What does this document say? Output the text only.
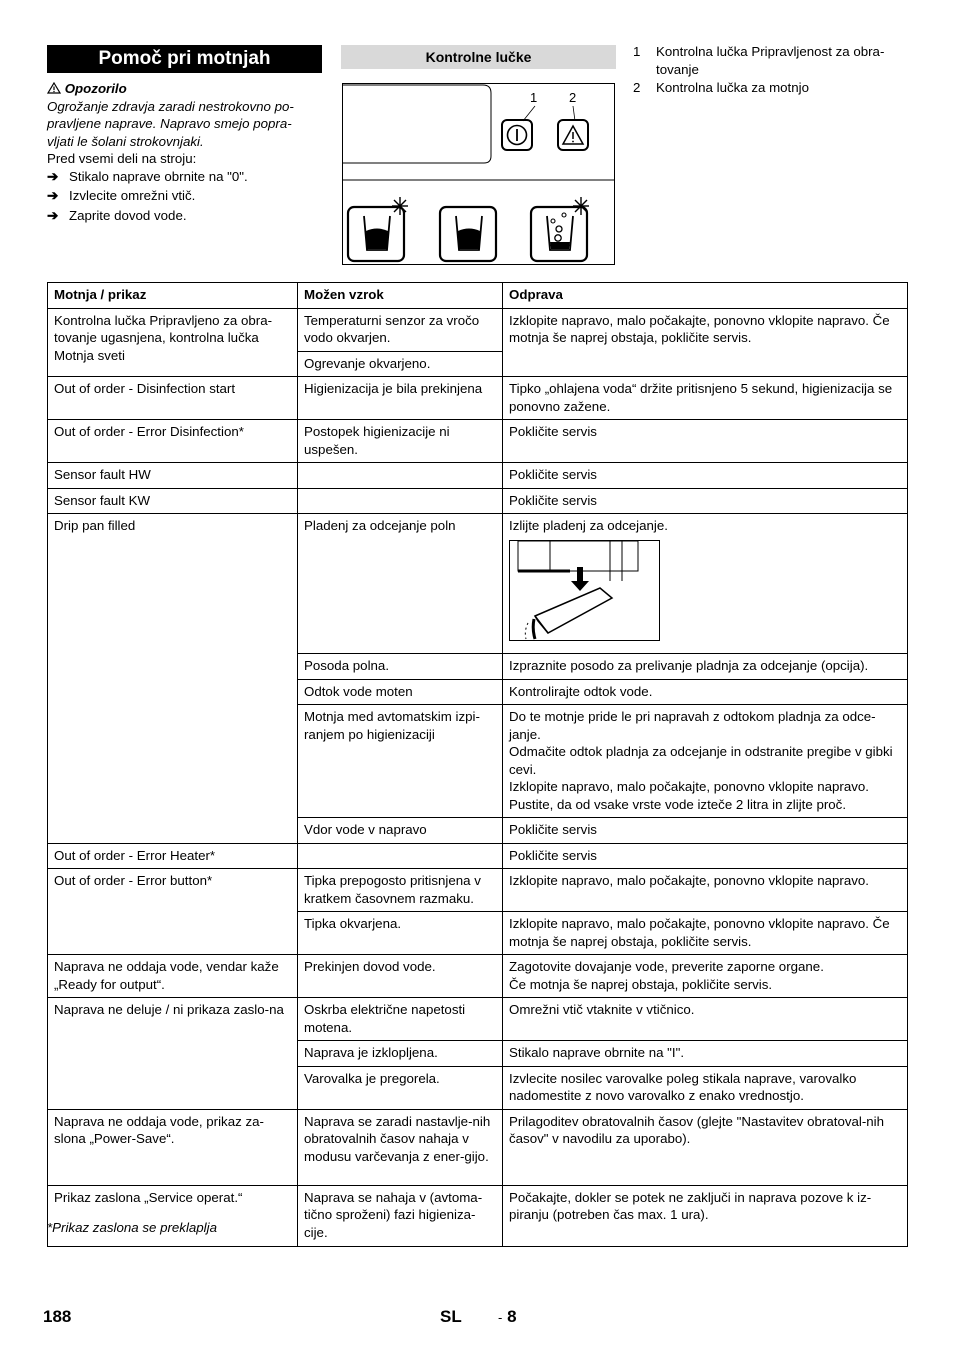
Pomoč pri motnjah
Opozorilo
Ogrožanje zdravja zaradi nestrokovno po-
pravljene naprave. Napravo smejo popra-
vljati le šolani strokovnjaki.
Pred vsemi deli na stroju:
➔ Stikalo naprave obrnite na "0".
➔ Izvlecite omrežni vtič.
➔ Zaprite dovod vode.
Kontrolne lučke
1 2
1	Kontrolna lučka Pripravljenost za obra-
tovanje
2	Kontrolna lučka za motnjo
Motnja / prikaz	Možen vzrok	Odprava
Kontrolna lučka Pripravljeno za obra-tovanje ugasnjena, kontrolna lučka Motnja sveti	Temperaturni senzor za vročo vodo okvarjen.	Izklopite napravo, malo počakajte, ponovno vklopite napravo. Če motnja še naprej obstaja, pokličite servis.
	Ogrevanje okvarjeno.	
Out of order - Disinfection start	Higienizacija je bila prekinjena	Tipko „ohlajena voda“ držite pritisnjeno 5 sekund, higienizacija se ponovno zažene.
Out of order - Error Disinfection*	Postopek higienizacije ni uspešen.	Pokličite servis
Sensor fault HW		Pokličite servis
Sensor fault KW		Pokličite servis
Drip pan filled	Pladenj za odcejanje poln	Izlijte pladenj za odcejanje.

	Posoda polna.	Izpraznite posodo za prelivanje pladnja za odcejanje (opcija).
	Odtok vode moten	Kontrolirajte odtok vode.
	Motnja med avtomatskim izpi-ranjem po higienizaciji	Do te motnje pride le pri napravah z odtokom pladnja za odce-janje.
Odmačite odtok pladnja za odcejanje in odstranite pregibe v gibki cevi.
Izklopite napravo, malo počakajte, ponovno vklopite napravo. Pustite, da od vsake vrste vode izteče 2 litra in zlijte proč.

	Vdor vode v napravo	Pokličite servis
Out of order - Error Heater*		Pokličite servis
Out of order - Error button*	Tipka prepogosto pritisnjena v kratkem časovnem razmaku.	Izklopite napravo, malo počakajte, ponovno vklopite napravo.
	Tipka okvarjena.	Izklopite napravo, malo počakajte, ponovno vklopite napravo. Če motnja še naprej obstaja, pokličite servis.
Naprava ne oddaja vode, vendar kaže „Ready for output“.	Prekinjen dovod vode.	Zagotovite dovajanje vode, preverite zaporne organe.
Če motnja še naprej obstaja, pokličite servis.

Naprava ne deluje / ni prikaza zaslo-na	Oskrba električne napetosti motena.	Omrežni vtič vtaknite v vtičnico.
	Naprava je izklopljena.	Stikalo naprave obrnite na "I".
	Varovalka je pregorela.	Izvlecite nosilec varovalke poleg stikala naprave, varovalko nadomestite z novo varovalko z enako vrednostjo.
Naprava ne oddaja vode, prikaz za-slona „Power-Save“.	Naprava se zaradi nastavlje-nih obratovalnih časov nahaja v modusu varčevanja z ener-gijo.	Prilagoditev obratovalnih časov (glejte "Nastavitev obratoval-nih časov" v navodilu za uporabo).
Prikaz zaslona „Service operat.“	Naprava se nahaja v (avtoma-tično sproženi) fazi higieniza-cije.	Počakajte, dokler se potek ne zaključi in naprava pozove k iz-piranju (potreben čas max. 1 ura).
*Prikaz zaslona se preklaplja
188	SL	- 8
